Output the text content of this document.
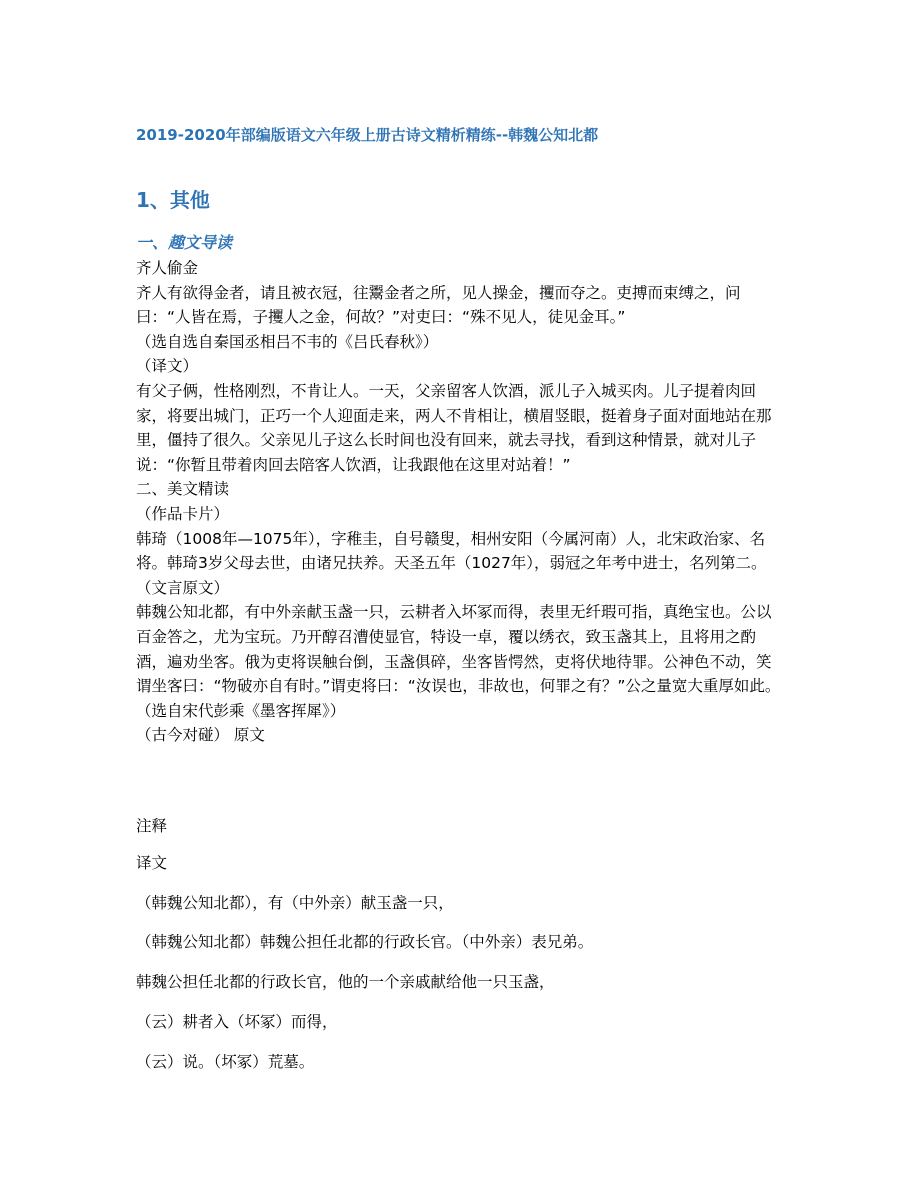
2019-2020年部编版语文六年级上册古诗文精析精练--韩魏公知北都
1、其他
一、趣文导读
齐人偷金
齐人有欲得金者，请且被衣冠，往鬻金者之所，见人操金，攫而夺之。吏搏而束缚之，问曰：“人皆在焉，子攫人之金，何故？”对吏曰：“殊不见人，徒见金耳。”
（选自选自秦国丞相吕不韦的《吕氏春秋》）
（译文）
有父子俩，性格刚烈，不肯让人。一天，父亲留客人饮酒，派儿子入城买肉。儿子提着肉回家，将要出城门，正巧一个人迎面走来，两人不肯相让，横眉竖眼，挺着身子面对面地站在那里，僵持了很久。父亲见儿子这么长时间也没有回来，就去寻找，看到这种情景，就对儿子说：“你暂且带着肉回去陪客人饮酒，让我跟他在这里对站着！”
二、美文精读
（作品卡片）
韩琦（1008年—1075年），字稚圭，自号赣叟，相州安阳（今属河南）人，北宋政治家、名将。韩琦3岁父母去世，由诸兄扶养。天圣五年（1027年），弱冠之年考中进士，名列第二。
（文言原文）
韩魏公知北都，有中外亲献玉盏一只，云耕者入坏冢而得，表里无纤瑕可指，真绝宝也。公以百金答之，尤为宝玩。乃开醇召漕使显官，特设一卓，覆以绣衣，致玉盏其上，且将用之酌酒，遍劝坐客。俄为吏将误触台倒，玉盏俱碎，坐客皆愕然，吏将伏地待罪。公神色不动，笑谓坐客曰：“物破亦自有时。”谓吏将曰：“汝误也，非故也，何罪之有？”公之量宽大重厚如此。
（选自宋代彭乘《墨客挥犀》）
（古今对碰） 原文
注释
译文
（韩魏公知北都），有（中外亲）献玉盏一只，
（韩魏公知北都）韩魏公担任北都的行政长官。（中外亲）表兄弟。
韩魏公担任北都的行政长官，他的一个亲戚献给他一只玉盏，
（云）耕者入（坏冢）而得，
（云）说。（坏冢）荒墓。
